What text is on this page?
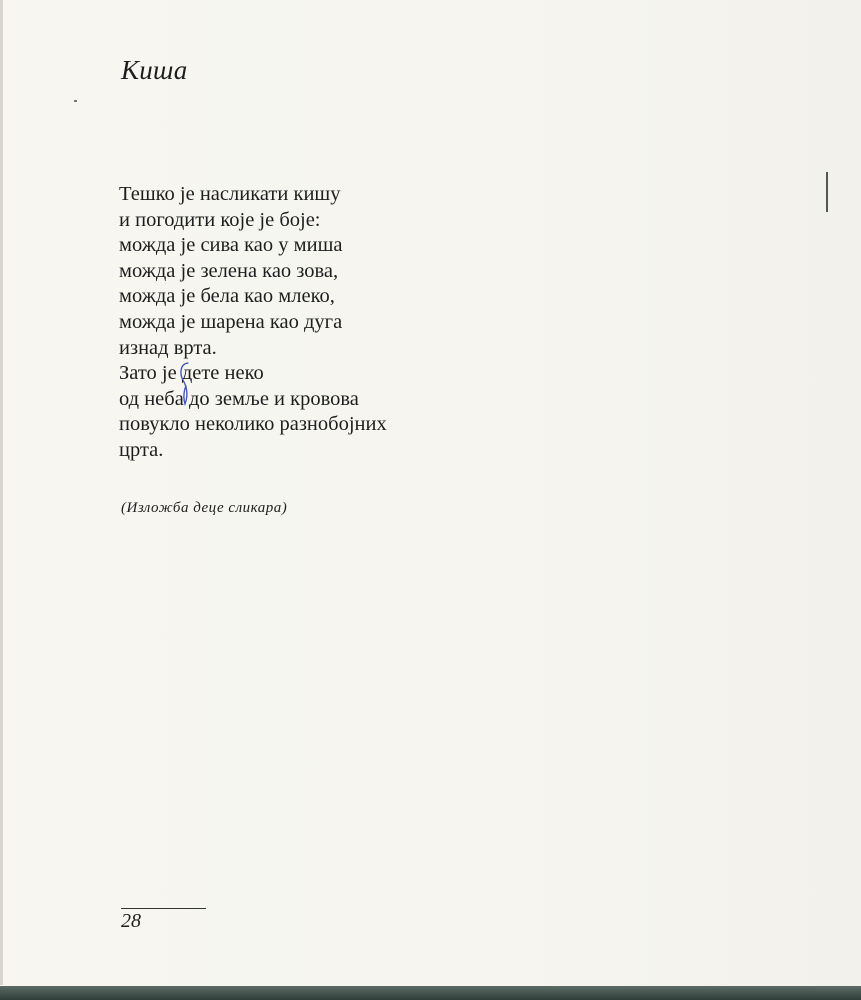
Киша
Тешко је насликати кишу
и погодити које је боје:
можда је сива као у миша
можда је зелена као зова,
можда је бела као млеко,
можда је шарена као дуга
изнад врта.
Зато је дете неко
од неба до земље и кровова
повукло неколико разнобојних
црта.
(Изложба деце сликара)
28
